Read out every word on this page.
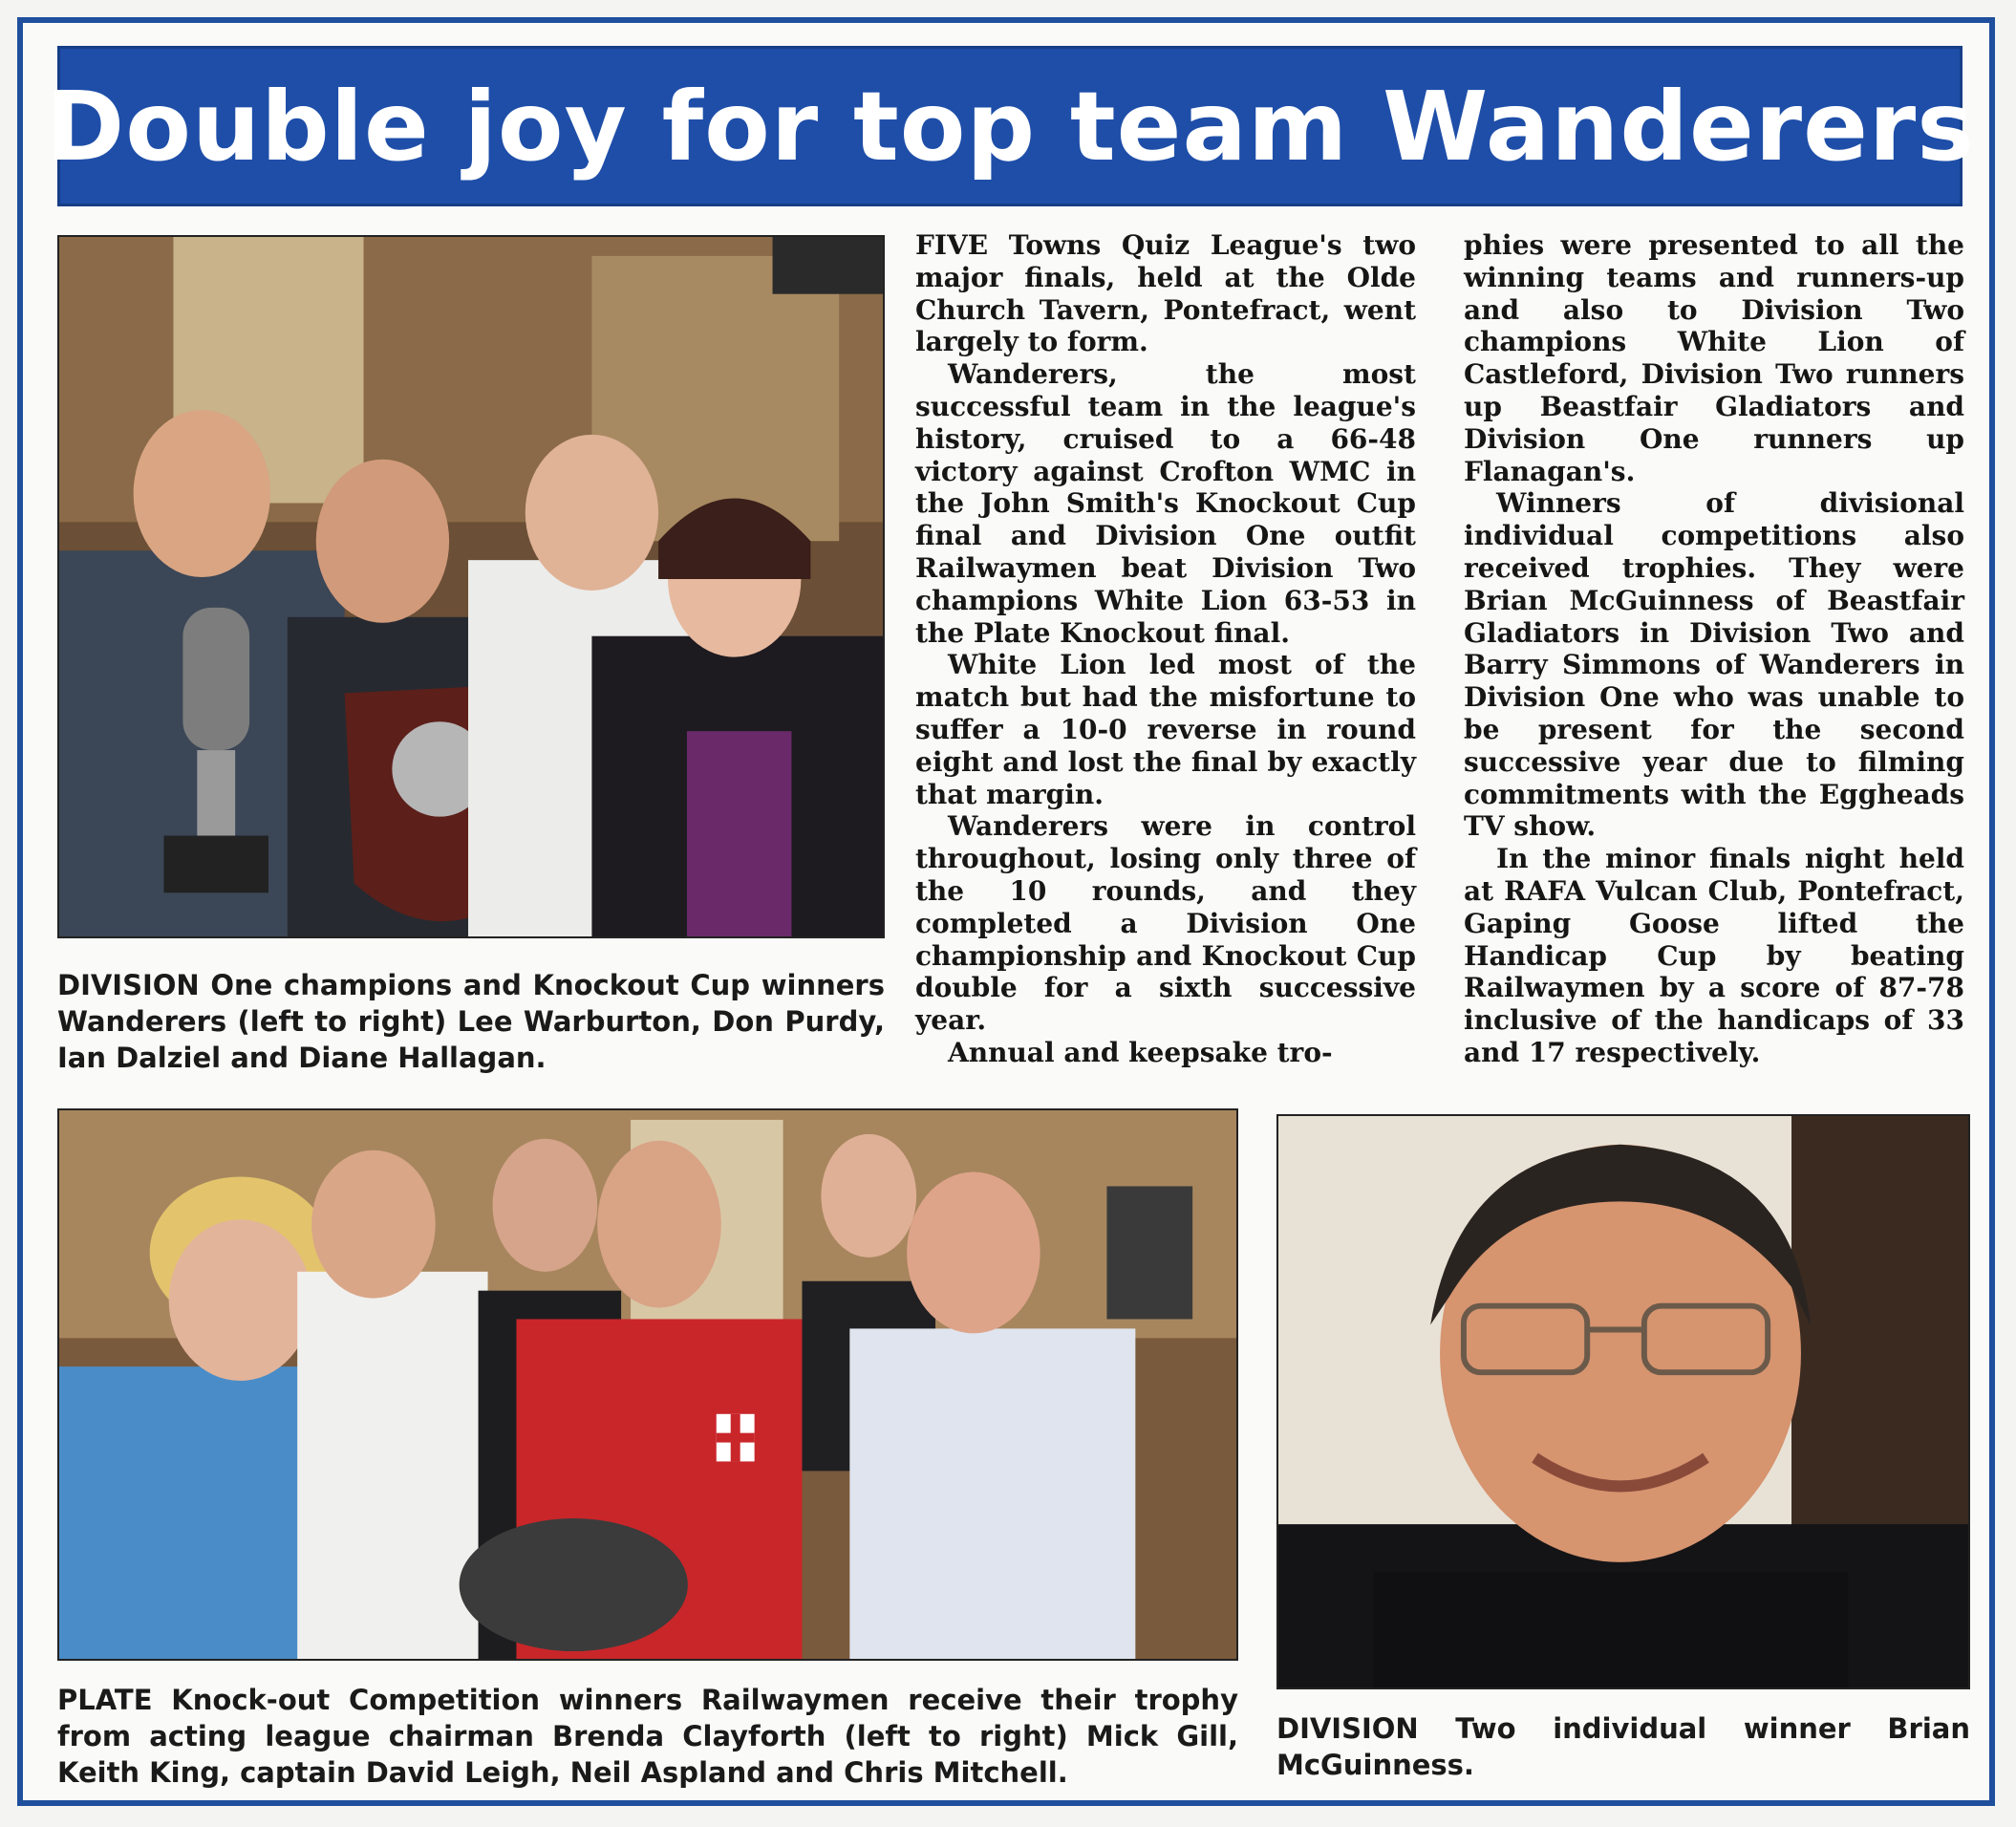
Double joy for top team Wanderers

DIVISION One champions and Knockout Cup winners Wanderers (left to right) Lee Warburton, Don Purdy, Ian Dalziel and Diane Hallagan.

PLATE Knock-out Competition winners Railwaymen receive their trophy from acting league chairman Brenda Clayforth (left to right) Mick Gill, Keith King, captain David Leigh, Neil Aspland and Chris Mitchell.

DIVISION Two individual winner Brian McGuinness.

FIVE Towns Quiz League's two major finals, held at the Olde Church Tavern, Pontefract, went largely to form.

Wanderers, the most successful team in the league's history, cruised to a 66-48 victory against Crofton WMC in the John Smith's Knockout Cup final and Division One outfit Railwaymen beat Division Two champions White Lion 63-53 in the Plate Knockout final.

White Lion led most of the match but had the misfortune to suffer a 10-0 reverse in round eight and lost the final by exactly that margin.

Wanderers were in control throughout, losing only three of the 10 rounds, and they completed a Division One championship and Knockout Cup double for a sixth successive year.

Annual and keepsake tro-

phies were presented to all the winning teams and runners-up and also to Division Two champions White Lion of Castleford, Division Two runners up Beastfair Gladiators and Division One runners up Flanagan's.

Winners of divisional individual competitions also received trophies. They were Brian McGuinness of Beastfair Gladiators in Division Two and Barry Simmons of Wanderers in Division One who was unable to be present for the second successive year due to filming commitments with the Eggheads TV show.

In the minor finals night held at RAFA Vulcan Club, Pontefract, Gaping Goose lifted the Handicap Cup by beating Railwaymen by a score of 87-78 inclusive of the handicaps of 33 and 17 respectively.
